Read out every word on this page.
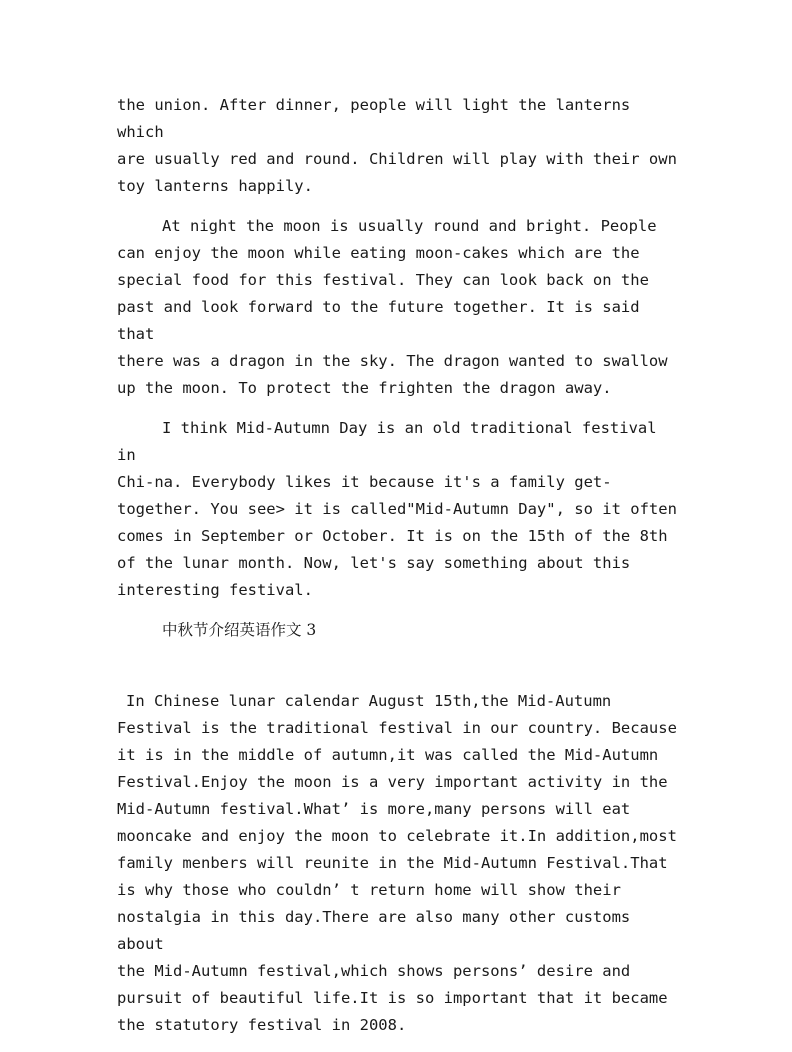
the union. After dinner, people will light the lanterns which
are usually red and round. Children will play with their own
toy lanterns happily.

At night the moon is usually round and bright. People
can enjoy the moon while eating moon-cakes which are the
special food for this festival. They can look back on the
past and look forward to the future together. It is said that
there was a dragon in the sky. The dragon wanted to swallow
up the moon. To protect the frighten the dragon away.

I think Mid-Autumn Day is an old traditional festival in
Chi-na. Everybody likes it because it's a family get-
together. You see> it is called"Mid-Autumn Day", so it often
comes in September or October. It is on the 15th of the 8th
of the lunar month. Now, let's say something about this
interesting festival.

中秋节介绍英语作文 3

In Chinese lunar calendar August 15th,the Mid-Autumn
Festival is the traditional festival in our country. Because
it is in the middle of autumn,it was called the Mid-Autumn
Festival.Enjoy the moon is a very important activity in the
Mid-Autumn festival.What’ is more,many persons will eat
mooncake and enjoy the moon to celebrate it.In addition,most
family menbers will reunite in the Mid-Autumn Festival.That
is why those who couldn’ t return home will show their
nostalgia in this day.There are also many other customs about
the Mid-Autumn festival,which shows persons’ desire and
pursuit of beautiful life.It is so important that it became
the statutory festival in 2008.
